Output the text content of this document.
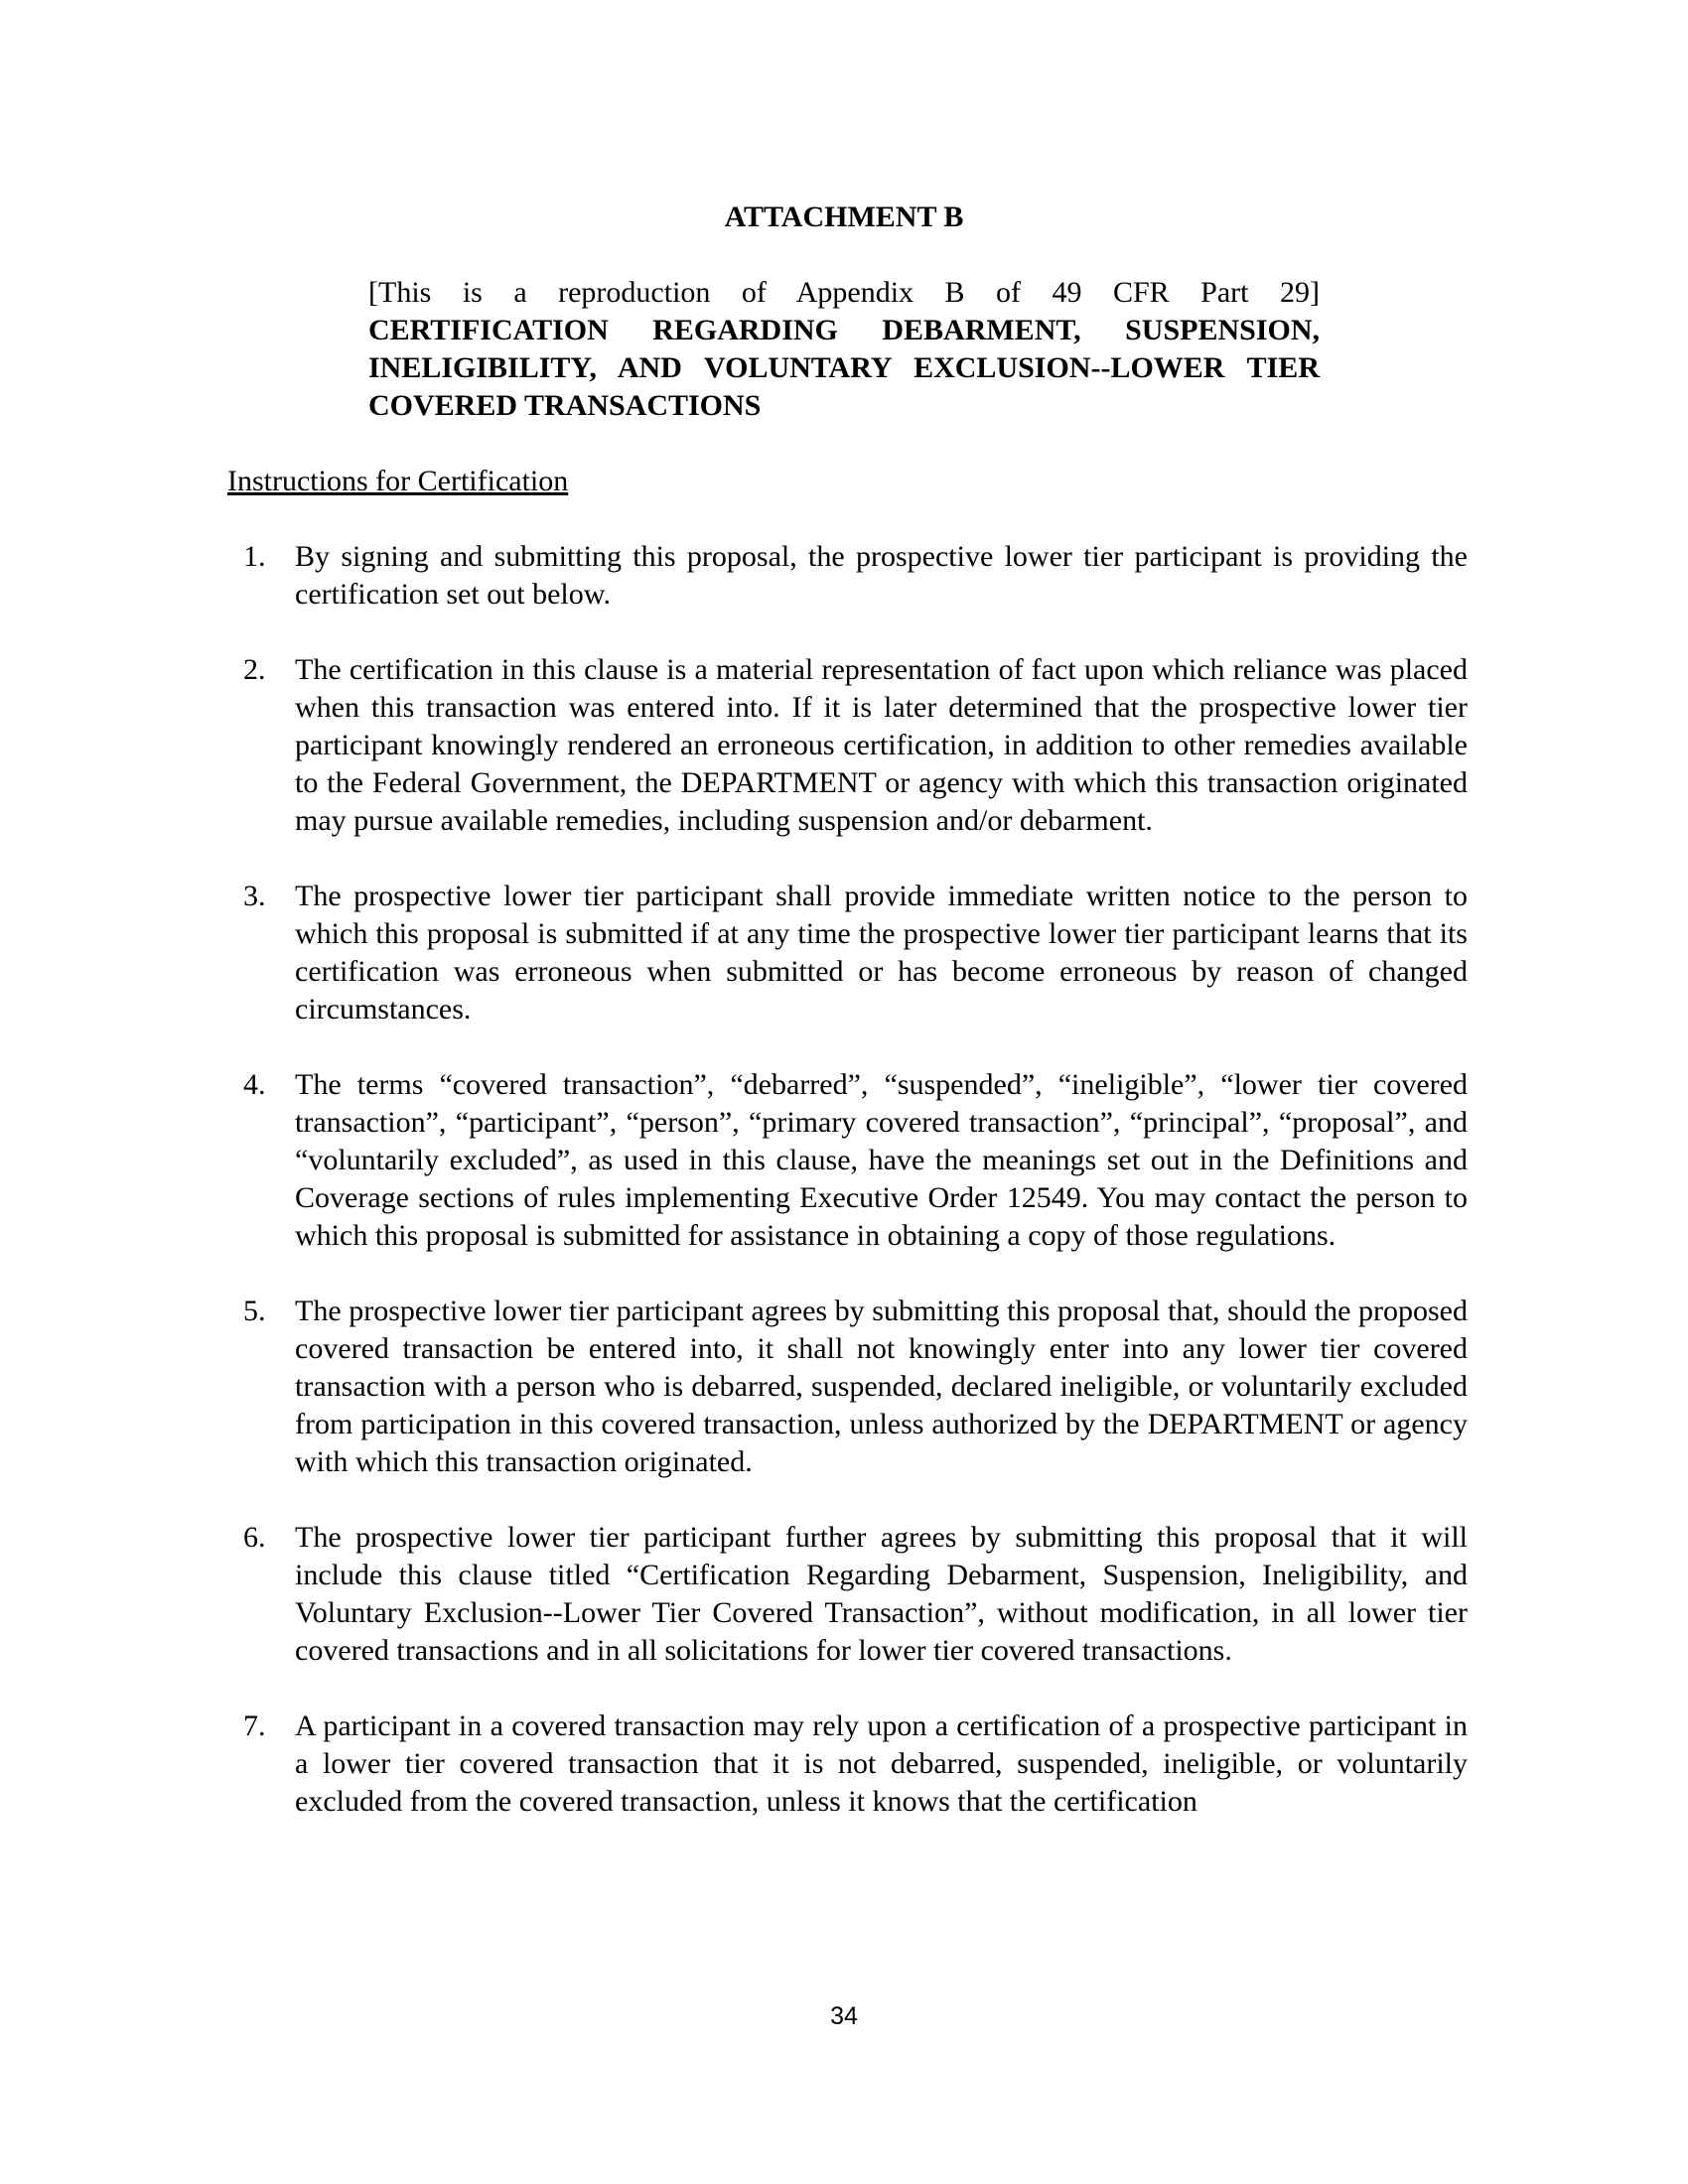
ATTACHMENT B

[This is a reproduction of Appendix B of 49 CFR Part 29]

CERTIFICATION REGARDING DEBARMENT, SUSPENSION, INELIGIBILITY, AND VOLUNTARY EXCLUSION--LOWER TIER COVERED TRANSACTIONS

Instructions for Certification
1. By signing and submitting this proposal, the prospective lower tier participant is providing the certification set out below.
2. The certification in this clause is a material representation of fact upon which reliance was placed when this transaction was entered into. If it is later determined that the prospective lower tier participant knowingly rendered an erroneous certification, in addition to other remedies available to the Federal Government, the DEPARTMENT or agency with which this transaction originated may pursue available remedies, including suspension and/or debarment.
3. The prospective lower tier participant shall provide immediate written notice to the person to which this proposal is submitted if at any time the prospective lower tier participant learns that its certification was erroneous when submitted or has become erroneous by reason of changed circumstances.
4. The terms “covered transaction”, “debarred”, “suspended”, “ineligible”, “lower tier covered transaction”, “participant”, “person”, “primary covered transaction”, “principal”, “proposal”, and “voluntarily excluded”, as used in this clause, have the meanings set out in the Definitions and Coverage sections of rules implementing Executive Order 12549. You may contact the person to which this proposal is submitted for assistance in obtaining a copy of those regulations.
5. The prospective lower tier participant agrees by submitting this proposal that, should the proposed covered transaction be entered into, it shall not knowingly enter into any lower tier covered transaction with a person who is debarred, suspended, declared ineligible, or voluntarily excluded from participation in this covered transaction, unless authorized by the DEPARTMENT or agency with which this transaction originated.
6. The prospective lower tier participant further agrees by submitting this proposal that it will include this clause titled “Certification Regarding Debarment, Suspension, Ineligibility, and Voluntary Exclusion--Lower Tier Covered Transaction”, without modification, in all lower tier covered transactions and in all solicitations for lower tier covered transactions.
7. A participant in a covered transaction may rely upon a certification of a prospective participant in a lower tier covered transaction that it is not debarred, suspended, ineligible, or voluntarily excluded from the covered transaction, unless it knows that the certification

34
